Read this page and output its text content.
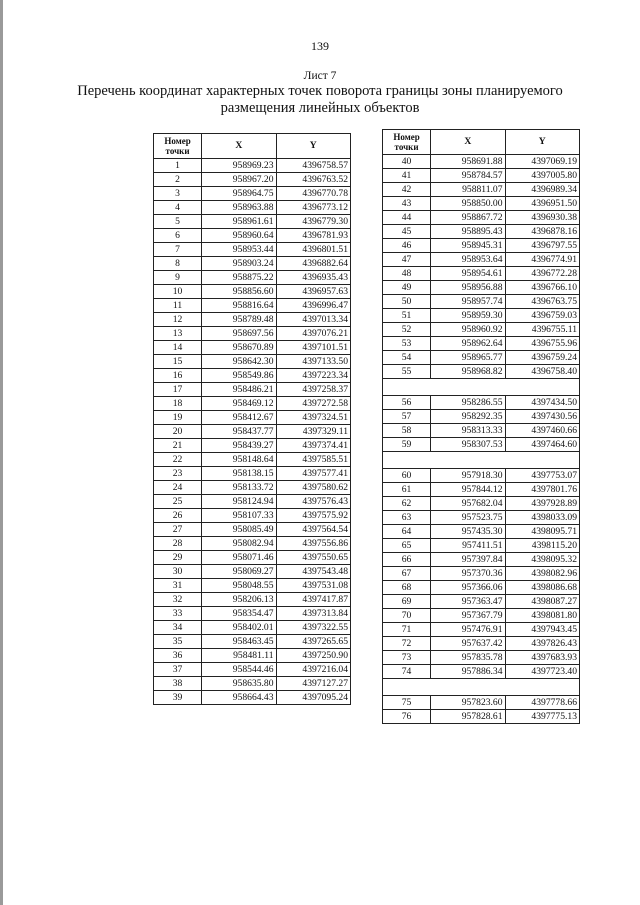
139
Лист 7
Перечень координат характерных точек поворота границы зоны планируемого
размещения линейных объектов
Номер точки	X	Y
1	958969.23	4396758.57
2	958967.20	4396763.52
3	958964.75	4396770.78
4	958963.88	4396773.12
5	958961.61	4396779.30
6	958960.64	4396781.93
7	958953.44	4396801.51
8	958903.24	4396882.64
9	958875.22	4396935.43
10	958856.60	4396957.63
11	958816.64	4396996.47
12	958789.48	4397013.34
13	958697.56	4397076.21
14	958670.89	4397101.51
15	958642.30	4397133.50
16	958549.86	4397223.34
17	958486.21	4397258.37
18	958469.12	4397272.58
19	958412.67	4397324.51
20	958437.77	4397329.11
21	958439.27	4397374.41
22	958148.64	4397585.51
23	958138.15	4397577.41
24	958133.72	4397580.62
25	958124.94	4397576.43
26	958107.33	4397575.92
27	958085.49	4397564.54
28	958082.94	4397556.86
29	958071.46	4397550.65
30	958069.27	4397543.48
31	958048.55	4397531.08
32	958206.13	4397417.87
33	958354.47	4397313.84
34	958402.01	4397322.55
35	958463.45	4397265.65
36	958481.11	4397250.90
37	958544.46	4397216.04
38	958635.80	4397127.27
39	958664.43	4397095.24
Номер точки	X	Y
40	958691.88	4397069.19
41	958784.57	4397005.80
42	958811.07	4396989.34
43	958850.00	4396951.50
44	958867.72	4396930.38
45	958895.43	4396878.16
46	958945.31	4396797.55
47	958953.64	4396774.91
48	958954.61	4396772.28
49	958956.88	4396766.10
50	958957.74	4396763.75
51	958959.30	4396759.03
52	958960.92	4396755.11
53	958962.64	4396755.96
54	958965.77	4396759.24
55	958968.82	4396758.40

56	958286.55	4397434.50
57	958292.35	4397430.56
58	958313.33	4397460.66
59	958307.53	4397464.60

60	957918.30	4397753.07
61	957844.12	4397801.76
62	957682.04	4397928.89
63	957523.75	4398033.09
64	957435.30	4398095.71
65	957411.51	4398115.20
66	957397.84	4398095.32
67	957370.36	4398082.96
68	957366.06	4398086.68
69	957363.47	4398087.27
70	957367.79	4398081.80
71	957476.91	4397943.45
72	957637.42	4397826.43
73	957835.78	4397683.93
74	957886.34	4397723.40

75	957823.60	4397778.66
76	957828.61	4397775.13
